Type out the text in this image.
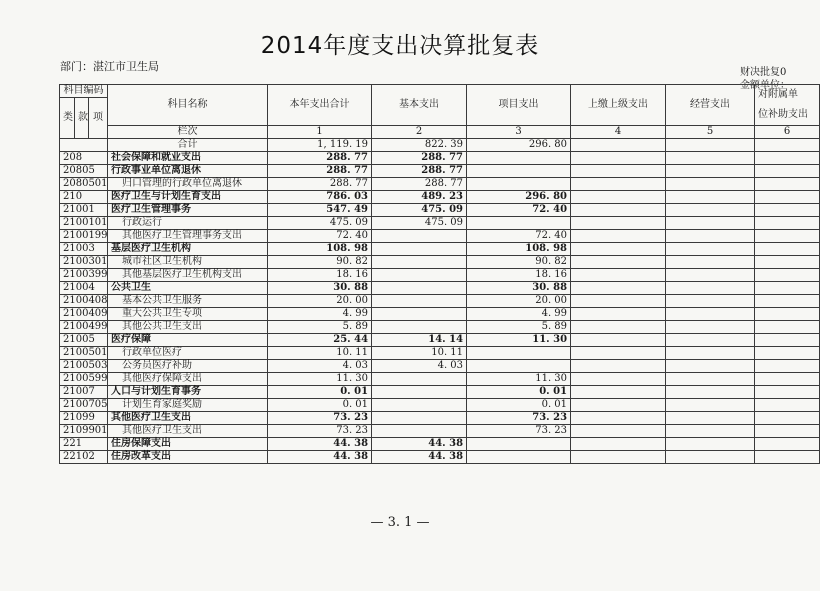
2014年度支出决算批复表
部门：湛江市卫生局	财决批复0
金额单位：
科目编码			科目名称	本年支出合计	基本支出	项目支出	上缴上级支出	经营支出	对附属单
位补助支出

类	款	项							
			栏次	1	2	3	4	5	6
			合计	1, 119. 19	822. 39	296. 80			
208			社会保障和就业支出	288. 77	288. 77				
20805			行政事业单位离退休	288. 77	288. 77				
2080501			归口管理的行政单位离退休	288. 77	288. 77				
210			医疗卫生与计划生育支出	786. 03	489. 23	296. 80			
21001			医疗卫生管理事务	547. 49	475. 09	72. 40			
2100101			行政运行	475. 09	475. 09				
2100199			其他医疗卫生管理事务支出	72. 40		72. 40			
21003			基层医疗卫生机构	108. 98		108. 98			
2100301			城市社区卫生机构	90. 82		90. 82			
2100399			其他基层医疗卫生机构支出	18. 16		18. 16			
21004			公共卫生	30. 88		30. 88			
2100408			基本公共卫生服务	20. 00		20. 00			
2100409			重大公共卫生专项	4. 99		4. 99			
2100499			其他公共卫生支出	5. 89		5. 89			
21005			医疗保障	25. 44	14. 14	11. 30			
2100501			行政单位医疗	10. 11	10. 11				
2100503			公务员医疗补助	4. 03	4. 03				
2100599			其他医疗保障支出	11. 30		11. 30			
21007			人口与计划生育事务	0. 01		0. 01			
2100705			计划生育家庭奖励	0. 01		0. 01			
21099			其他医疗卫生支出	73. 23		73. 23			
2109901			其他医疗卫生支出	73. 23		73. 23			
221			住房保障支出	44. 38	44. 38				
22102			住房改革支出	44. 38	44. 38				
— 3. 1 —
